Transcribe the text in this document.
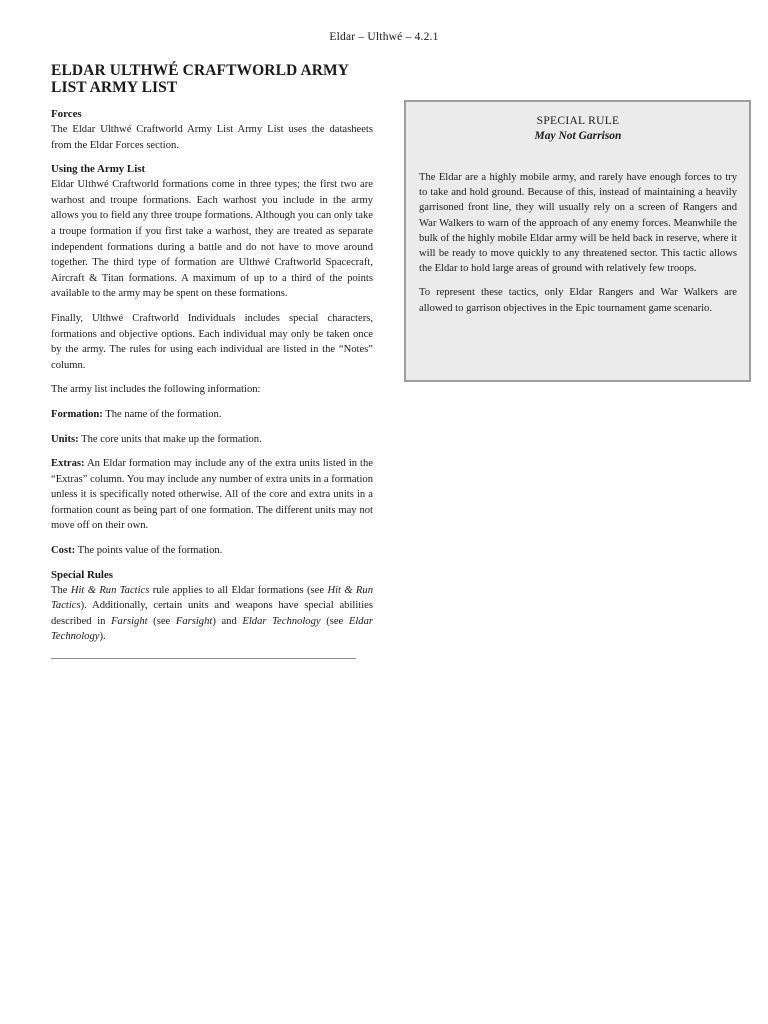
Eldar – Ulthwé – 4.2.1
ELDAR ULTHWÉ CRAFTWORLD ARMY LIST ARMY LIST

Forces

The Eldar Ulthwé Craftworld Army List Army List uses the datasheets from the Eldar Forces section.

Using the Army List

Eldar Ulthwé Craftworld formations come in three types; the first two are warhost and troupe formations. Each warhost you include in the army allows you to field any three troupe formations. Although you can only take a troupe formation if you first take a warhost, they are treated as separate independent formations during a battle and do not have to move around together. The third type of formation are Ulthwé Craftworld Spacecraft, Aircraft & Titan formations. A maximum of up to a third of the points available to the army may be spent on these formations.

Finally, Ulthwé Craftworld Individuals includes special characters, formations and objective options. Each individual may only be taken once by the army. The rules for using each individual are listed in the “Notes” column.

The army list includes the following information:

Formation: The name of the formation.

Units: The core units that make up the formation.

Extras: An Eldar formation may include any of the extra units listed in the “Extras” column. You may include any number of extra units in a formation unless it is specifically noted otherwise. All of the core and extra units in a formation count as being part of one formation. The different units may not move off on their own.

Cost: The points value of the formation.

Special Rules

The Hit & Run Tactics rule applies to all Eldar formations (see Hit & Run Tactics). Additionally, certain units and weapons have special abilities described in Farsight (see Farsight) and Eldar Technology (see Eldar Technology).

SPECIAL RULE
May Not Garrison

The Eldar are a highly mobile army, and rarely have enough forces to try to take and hold ground. Because of this, instead of maintaining a heavily garrisoned front line, they will usually rely on a screen of Rangers and War Walkers to warn of the approach of any enemy forces. Meanwhile the bulk of the highly mobile Eldar army will be held back in reserve, where it will be ready to move quickly to any threatened sector. This tactic allows the Eldar to hold large areas of ground with relatively few troops.

To represent these tactics, only Eldar Rangers and War Walkers are allowed to garrison objectives in the Epic tournament game scenario.
